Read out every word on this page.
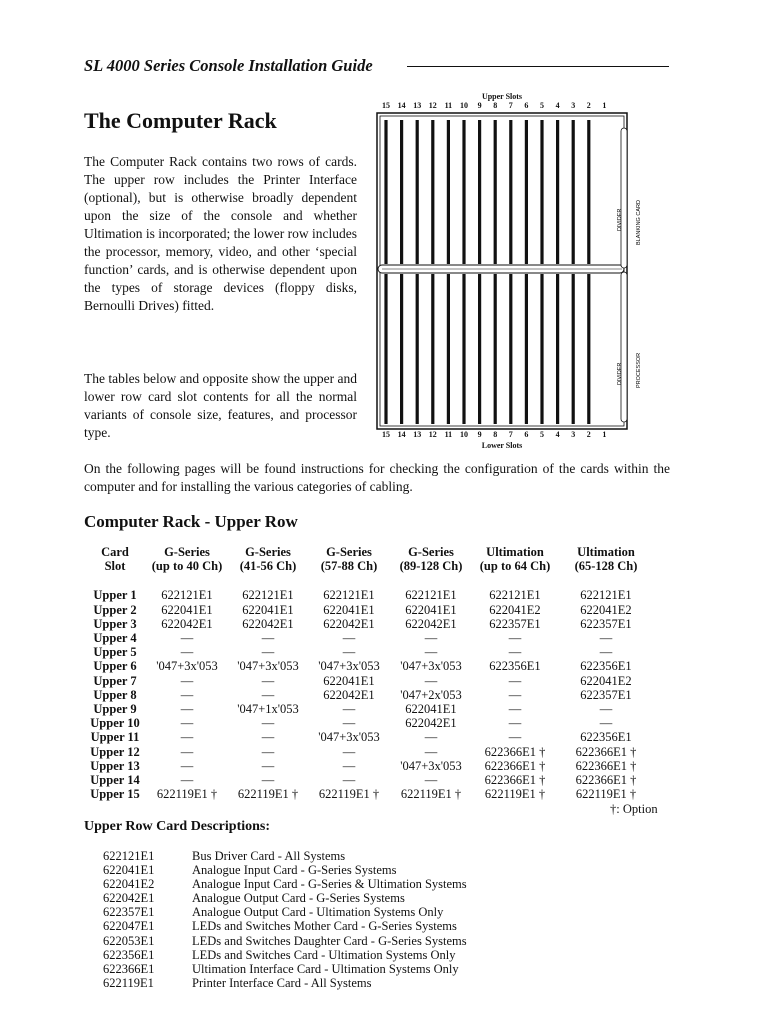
SL 4000 Series Console Installation Guide
The Computer Rack
The Computer Rack contains two rows of cards. The upper row includes the Printer Interface (optional), but is otherwise broadly dependent upon the size of the console and whether Ultimation is incorporated; the lower row includes the processor, memory, video, and other ‘special function’ cards, and is otherwise dependent upon the types of storage devices (floppy disks, Bernoulli Drives) fitted.
The tables below and opposite show the upper and lower row card slot contents for all the normal variants of console size, features, and processor type.
On the following pages will be found instructions for checking the configuration of the cards within the computer and for installing the various categories of cabling.
Upper Slots
15 14 13 12 11 10	9	8	7	6	5	4	3	2	1
DIVIDER BLANKING CARD
DIVIDER PROCESSOR
15 14 13 12 11 10	9	8	7	6	5	4	3	2	1
Lower Slots
Computer Rack - Upper Row
Card	G-Series	G-Series	G-Series	G-Series	Ultimation	Ultimation
Slot	(up to 40 Ch)	(41-56 Ch)	(57-88 Ch)	(89-128 Ch)	(up to 64 Ch)	(65-128 Ch)

Upper 1	622121E1	622121E1	622121E1	622121E1	622121E1	622121E1
Upper 2	622041E1	622041E1	622041E1	622041E1	622041E2	622041E2
Upper 3	622042E1	622042E1	622042E1	622042E1	622357E1	622357E1
Upper 4	—	—	—	—	—	—
Upper 5	—	—	—	—	—	—
Upper 6	'047+3x'053	'047+3x'053	'047+3x'053	'047+3x'053	622356E1	622356E1
Upper 7	—	—	622041E1	—	—	622041E2
Upper 8	—	—	622042E1	'047+2x'053	—	622357E1
Upper 9	—	'047+1x'053	—	622041E1	—	—
Upper 10	—	—	—	622042E1	—	—
Upper 11	—	—	'047+3x'053	—	—	622356E1
Upper 12	—	—	—	—	622366E1 †	622366E1 †
Upper 13	—	—	—	'047+3x'053	622366E1 †	622366E1 †
Upper 14	—	—	—	—	622366E1 †	622366E1 †
Upper 15	622119E1 †	622119E1 †	622119E1 †	622119E1 †	622119E1 †	622119E1 †
†: Option
Upper Row Card Descriptions:
622121E1	Bus Driver Card - All Systems
622041E1	Analogue Input Card - G-Series Systems
622041E2	Analogue Input Card - G-Series & Ultimation Systems
622042E1	Analogue Output Card - G-Series Systems
622357E1	Analogue Output Card - Ultimation Systems Only
622047E1	LEDs and Switches Mother Card - G-Series Systems
622053E1	LEDs and Switches Daughter Card - G-Series Systems
622356E1	LEDs and Switches Card - Ultimation Systems Only
622366E1	Ultimation Interface Card - Ultimation Systems Only
622119E1	Printer Interface Card - All Systems
